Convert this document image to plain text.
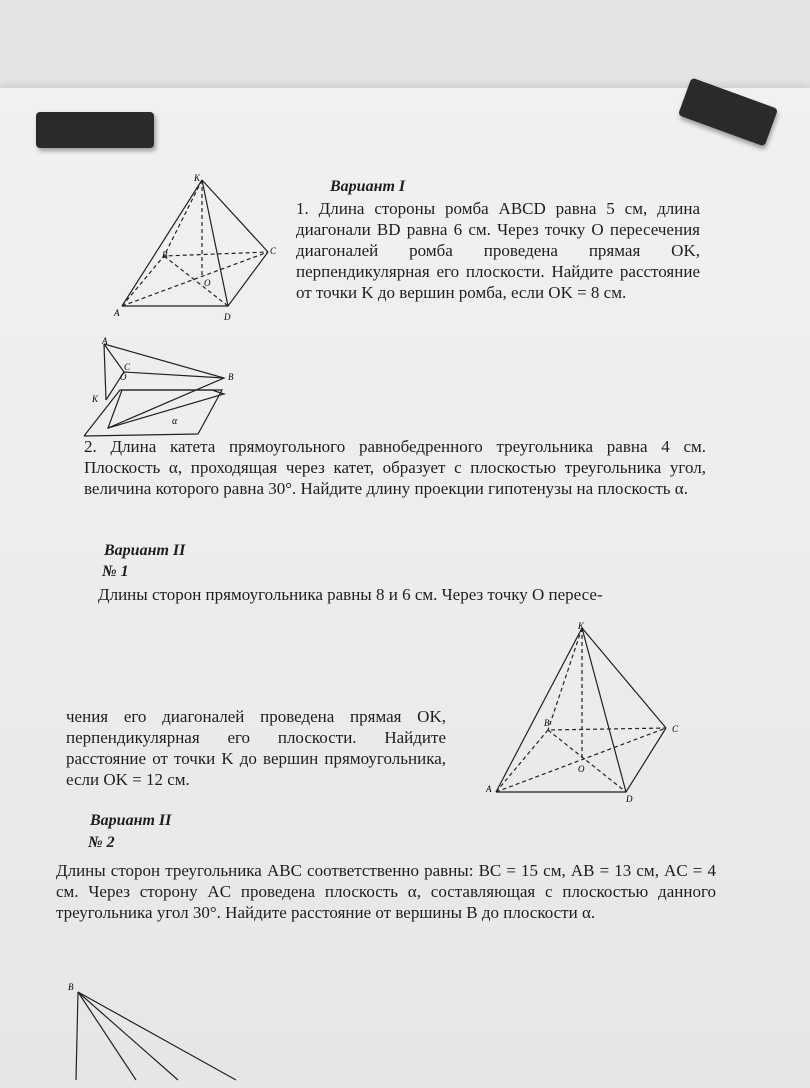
Вариант I
1. Длина стороны ромба ABCD равна 5 см, длина диагонали BD равна 6 см. Через точку O пересечения диагоналей ромба проведена прямая OK, перпендикулярная его плоскости. Найдите расстояние от точки K до вершин ромба, если OK = 8 см.
K
A
B	C
D
O
A
C
O	B
K
α
2. Длина катета прямоугольного равнобедренного треугольника равна 4 см. Плоскость α, проходящая через катет, образует с плоскостью треугольника угол, величина которого равна 30°. Найдите длину проекции гипотенузы на плоскость α.
Вариант II
№ 1
Длины сторон прямоугольника равны 8 и 6 см. Через точку O пересе-
K
A
B
C
D
O
чения его диагоналей проведена прямая OK, перпендикулярная его плоскости. Найдите расстояние от точки K до вершин прямоугольника, если OK = 12 см.
Вариант II
№ 2
Длины сторон треугольника ABC соответственно равны: BC = 15 см, AB = 13 см, AC = 4 см. Через сторону AC проведена плоскость α, составляющая с плоскостью данного треугольника угол 30°. Найдите расстояние от вершины B до плоскости α.
B
